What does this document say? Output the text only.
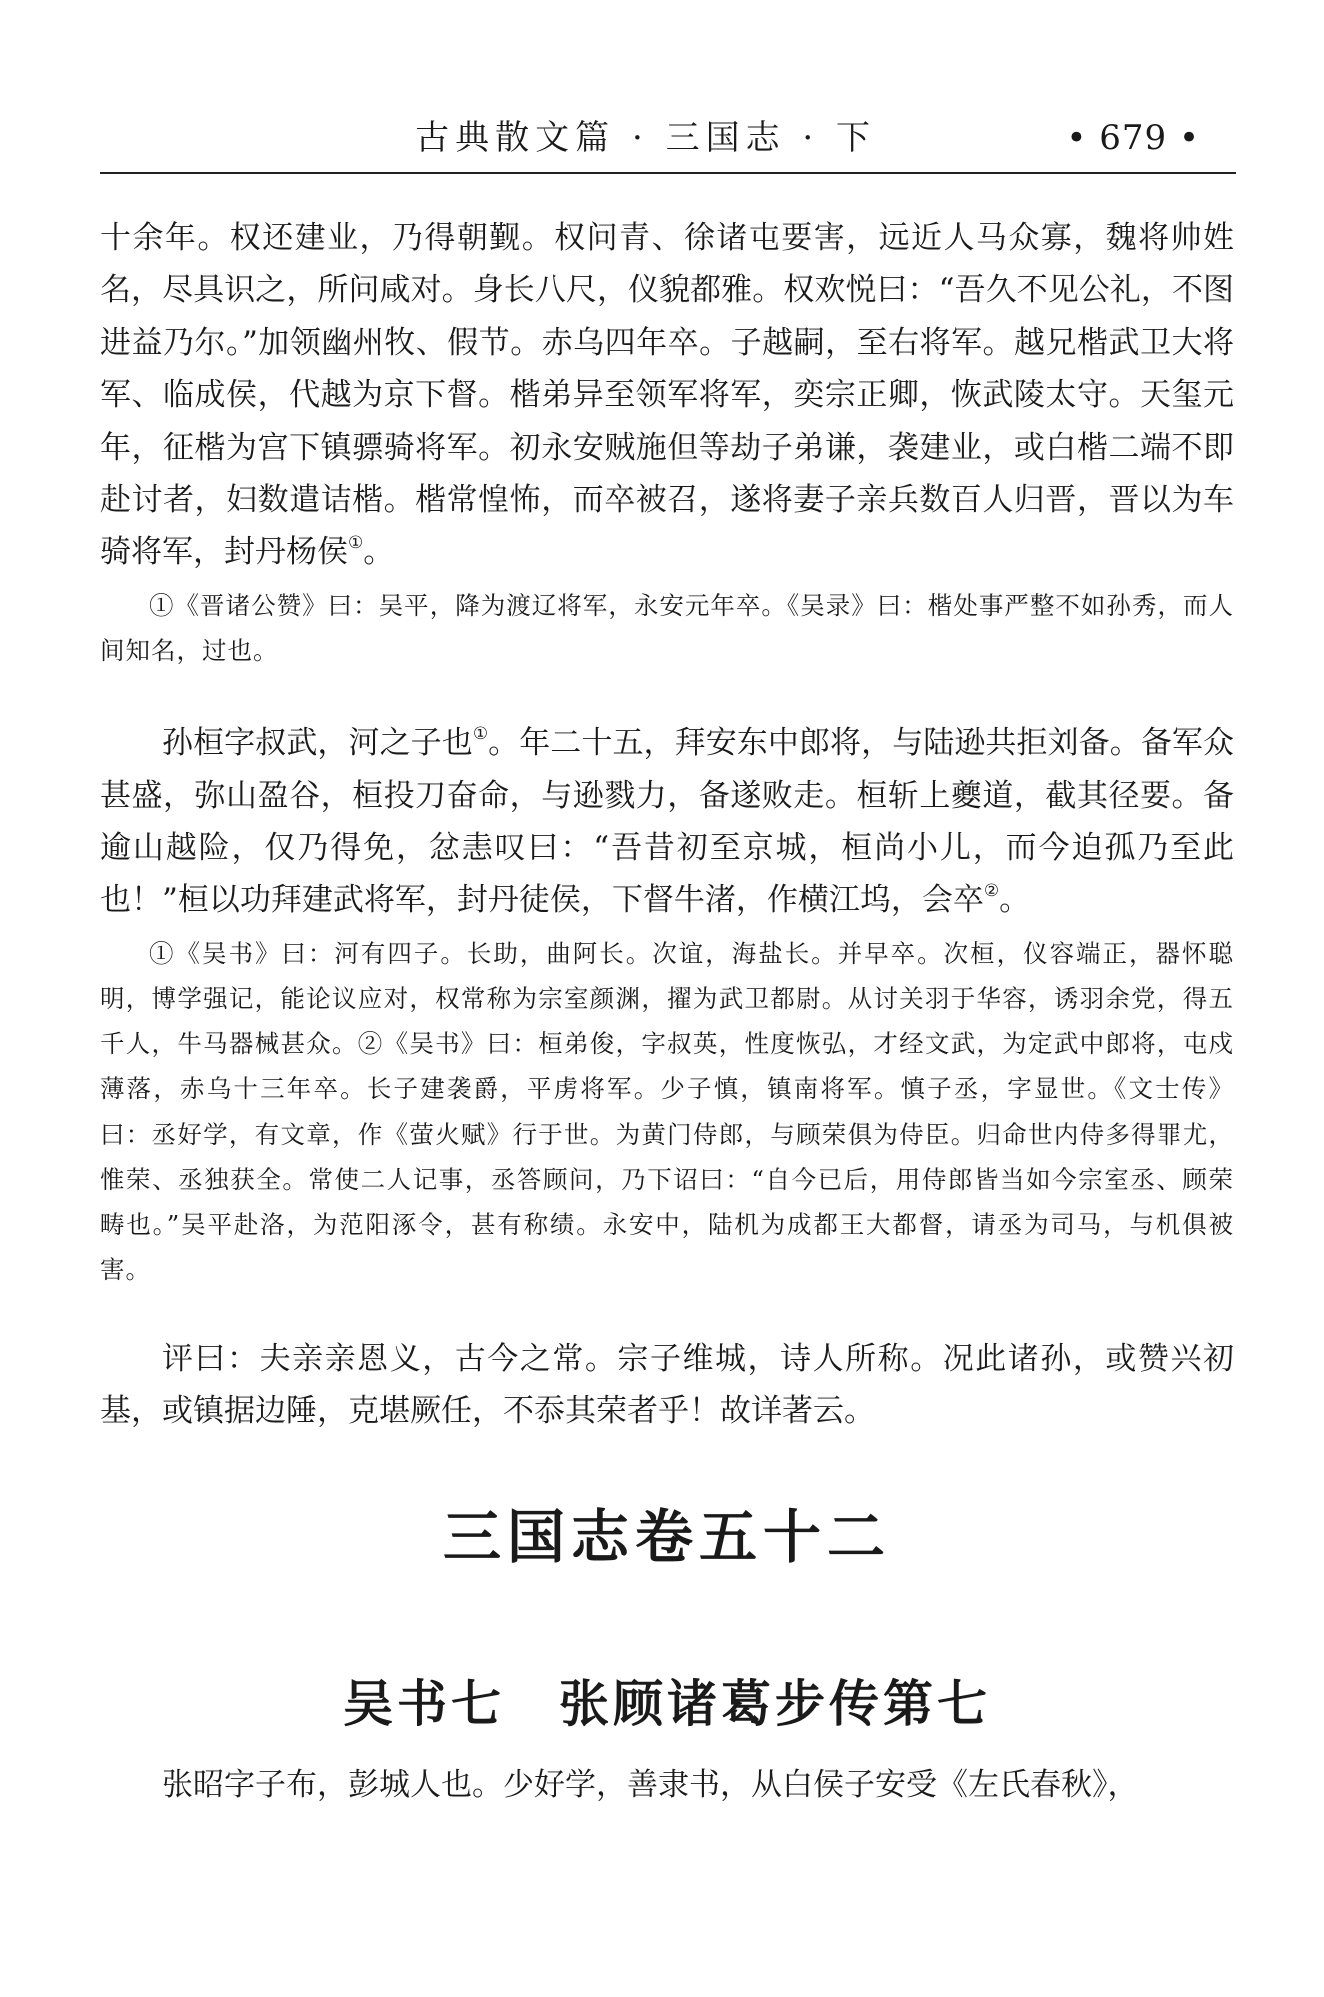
古典散文篇 · 三国志 · 下	• 679 •

十余年。权还建业，乃得朝觐。权问青、徐诸屯要害，远近人马众寡，魏将帅姓名，尽具识之，所问咸对。身长八尺，仪貌都雅。权欢悦曰：“吾久不见公礼，不图进益乃尔。”加领幽州牧、假节。赤乌四年卒。子越嗣，至右将军。越兄楷武卫大将军、临成侯，代越为京下督。楷弟异至领军将军，奕宗正卿，恢武陵太守。天玺元年，征楷为宫下镇骠骑将军。初永安贼施但等劫子弟谦，袭建业，或白楷二端不即赴讨者，妇数遣诘楷。楷常惶怖，而卒被召，遂将妻子亲兵数百人归晋，晋以为车骑将军，封丹杨侯①。

①《晋诸公赞》曰：吴平，降为渡辽将军，永安元年卒。《吴录》曰：楷处事严整不如孙秀，而人间知名，过也。

孙桓字叔武，河之子也①。年二十五，拜安东中郎将，与陆逊共拒刘备。备军众甚盛，弥山盈谷，桓投刀奋命，与逊戮力，备遂败走。桓斩上夔道，截其径要。备逾山越险，仅乃得免，忿恚叹曰：“吾昔初至京城，桓尚小儿，而今迫孤乃至此也！”桓以功拜建武将军，封丹徒侯，下督牛渚，作横江坞，会卒②。

①《吴书》曰：河有四子。长助，曲阿长。次谊，海盐长。并早卒。次桓，仪容端正，器怀聪明，博学强记，能论议应对，权常称为宗室颜渊，擢为武卫都尉。从讨关羽于华容，诱羽余党，得五千人，牛马器械甚众。②《吴书》曰：桓弟俊，字叔英，性度恢弘，才经文武，为定武中郎将，屯戍薄落，赤乌十三年卒。长子建袭爵，平虏将军。少子慎，镇南将军。慎子丞，字显世。《文士传》曰：丞好学，有文章，作《萤火赋》行于世。为黄门侍郎，与顾荣俱为侍臣。归命世内侍多得罪尤，惟荣、丞独获全。常使二人记事，丞答顾问，乃下诏曰：“自今已后，用侍郎皆当如今宗室丞、顾荣畴也。”吴平赴洛，为范阳涿令，甚有称绩。永安中，陆机为成都王大都督，请丞为司马，与机俱被害。

评曰：夫亲亲恩义，古今之常。宗子维城，诗人所称。况此诸孙，或赞兴初基，或镇据边陲，克堪厥任，不忝其荣者乎！故详著云。

三国志卷五十二
吴书七　张顾诸葛步传第七

张昭字子布，彭城人也。少好学，善隶书，从白侯子安受《左氏春秋》，
